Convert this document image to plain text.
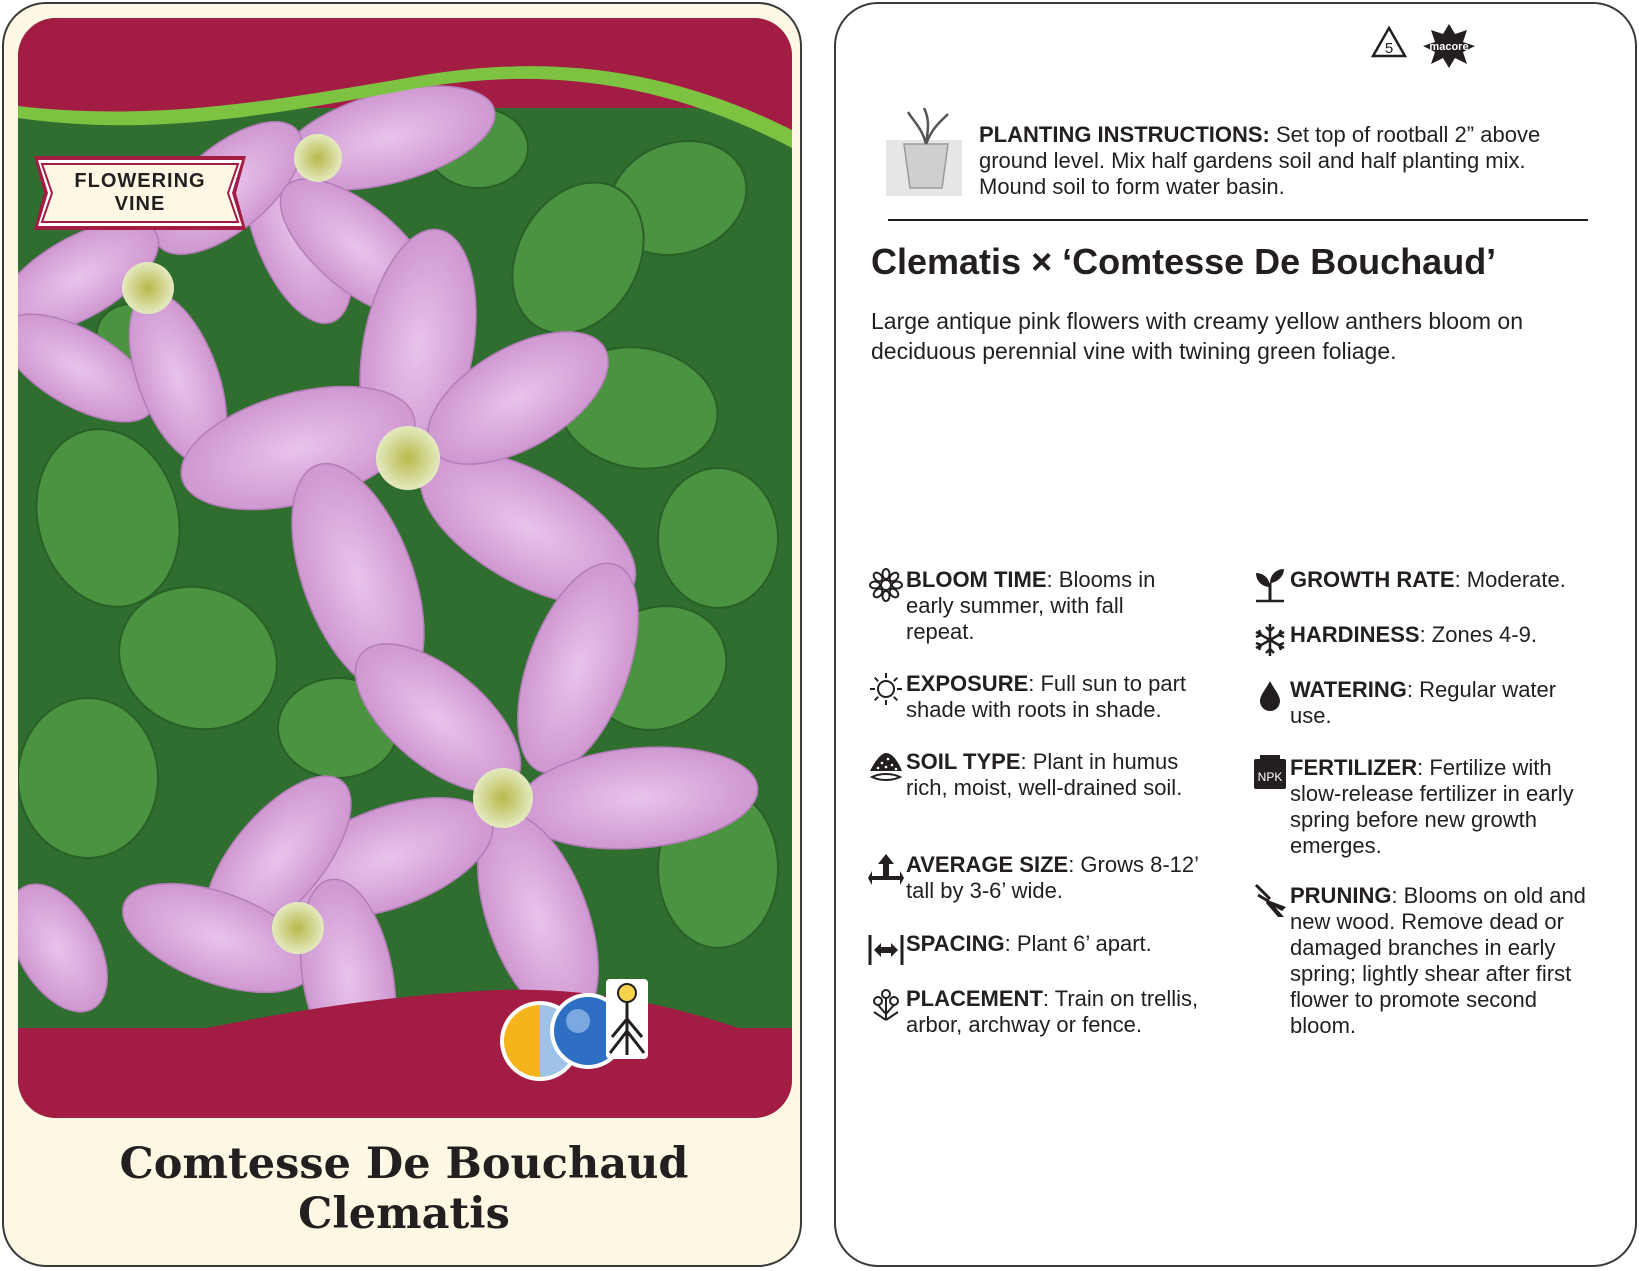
FLOWERING
VINE
Comtesse De Bouchaud
Clematis
5	macore
PLANTING INSTRUCTIONS: Set top of rootball 2” above ground level. Mix half gardens soil and half planting mix. Mound soil to form water basin.
Clematis × ‘Comtesse De Bouchaud’
Large antique pink flowers with creamy yellow anthers bloom on deciduous perennial vine with twining green foliage.
BLOOM TIME: Blooms in early summer, with fall repeat.
EXPOSURE: Full sun to part shade with roots in shade.
SOIL TYPE: Plant in humus rich, moist, well-drained soil.
AVERAGE SIZE: Grows 8-12’ tall by 3-6’ wide.
SPACING: Plant 6’ apart.
PLACEMENT: Train on trellis, arbor, archway or fence.
GROWTH RATE: Moderate.
HARDINESS: Zones 4-9.
WATERING: Regular water use.
NPK FERTILIZER: Fertilize with slow-release fertilizer in early spring before new growth emerges.
PRUNING: Blooms on old and new wood. Remove dead or damaged branches in early spring; lightly shear after first flower to promote second bloom.
